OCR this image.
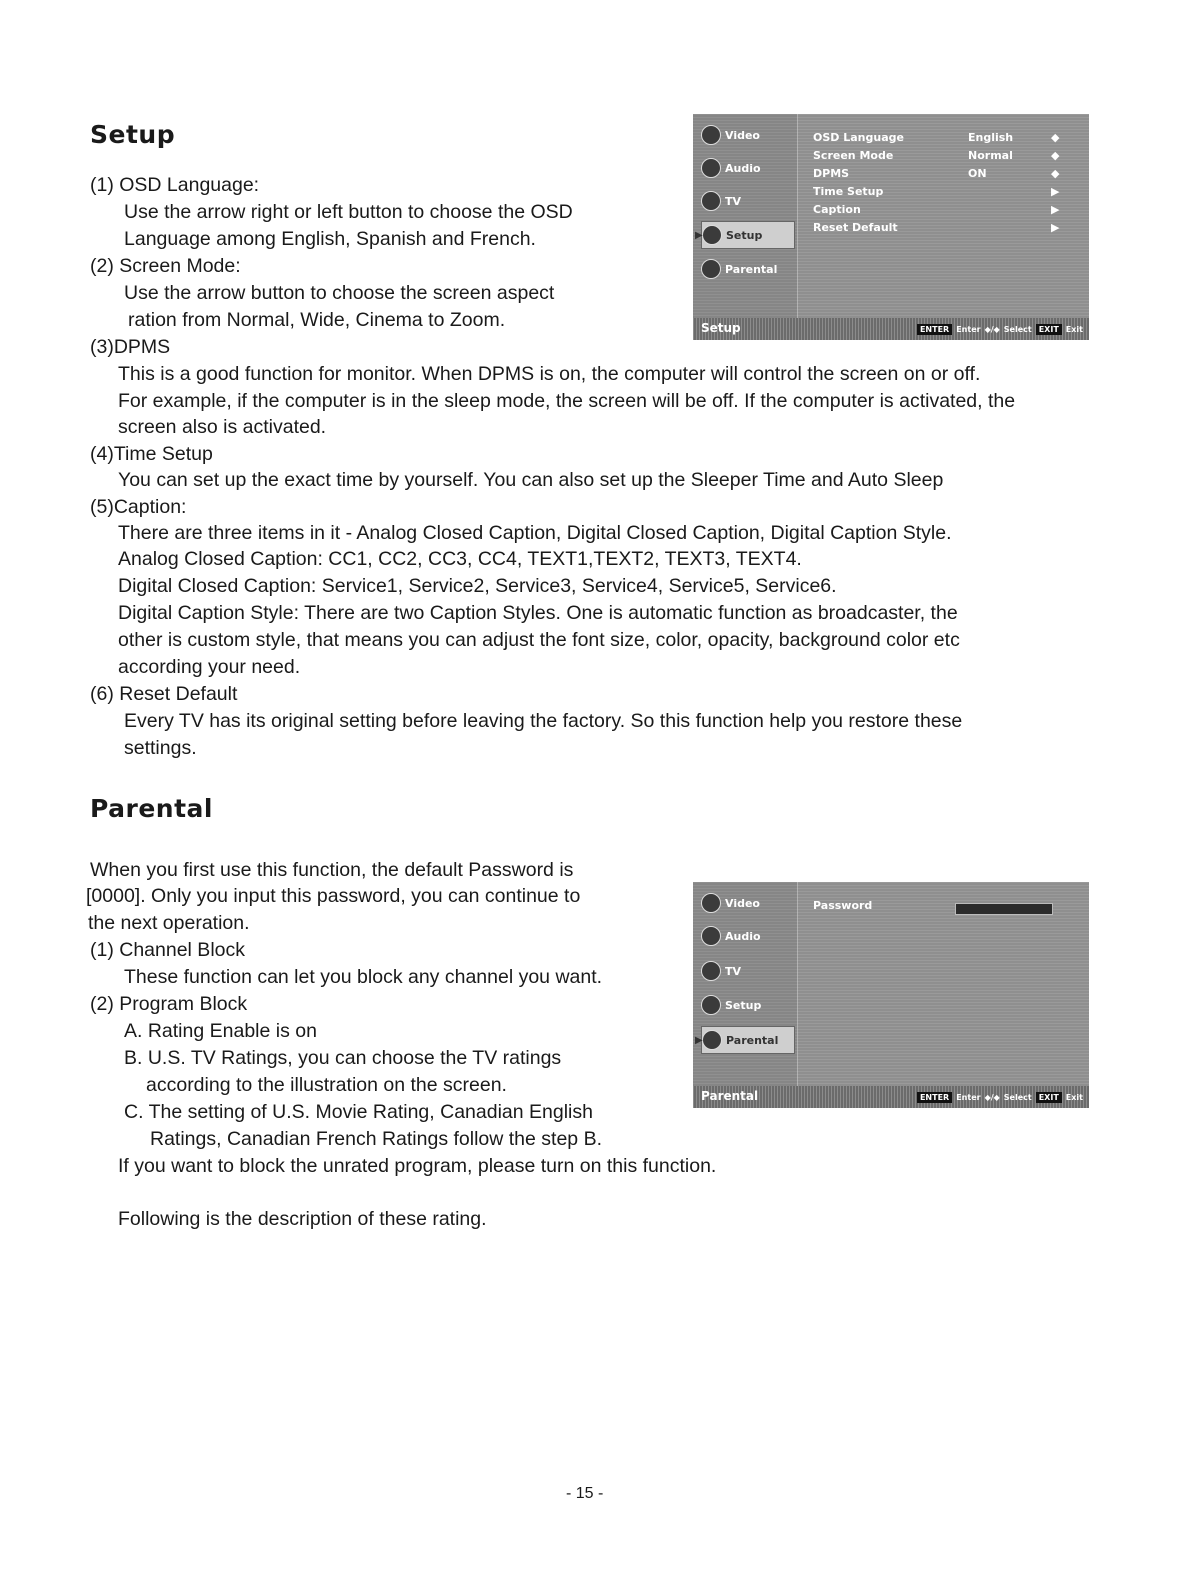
Setup
(1) OSD Language:
Use the arrow right or left button to choose the OSD
Language among English, Spanish and French.
(2) Screen Mode:
Use the arrow button to choose the screen aspect
ration from Normal, Wide, Cinema to Zoom.
(3)DPMS
This is a good function for monitor. When DPMS is on, the computer will control the screen on or off.
For example, if the computer is in the sleep mode, the screen will be off. If the computer is activated, the
screen also is activated.
(4)Time Setup
You can set up the exact time by yourself. You can also set up the Sleeper Time and Auto Sleep
(5)Caption:
There are three items in it - Analog Closed Caption, Digital Closed Caption, Digital Caption Style.
Analog Closed Caption: CC1, CC2, CC3, CC4, TEXT1,TEXT2, TEXT3, TEXT4.
Digital Closed Caption: Service1, Service2, Service3, Service4, Service5, Service6.
Digital Caption Style: There are two Caption Styles. One is automatic function as broadcaster, the
other is custom style, that means you can adjust the font size, color, opacity, background color etc
according your need.
(6) Reset Default
Every TV has its original setting before leaving the factory. So this function help you restore these
settings.
Video
Audio
TV
▶ Setup
Parental
OSD Language
Screen Mode
DPMS
Time Setup
Caption
Reset Default
English
Normal
ON
◆
◆
◆
▶
▶
▶
Setup	ENTER Enter ◆/◆ Select EXIT Exit
Parental
When you first use this function, the default Password is
[0000]. Only you input this password, you can continue to
the next operation.
(1) Channel Block
These function can let you block any channel you want.
(2) Program Block
A. Rating Enable is on
B. U.S. TV Ratings, you can choose the TV ratings
according to the illustration on the screen.
C. The setting of U.S. Movie Rating, Canadian English
Ratings, Canadian French Ratings follow the step B.
If you want to block the unrated program, please turn on this function.
Following is the description of these rating.
Video
Audio
TV
Setup
▶ Parental
Password
Parental	ENTER Enter ◆/◆ Select EXIT Exit
- 15 -
